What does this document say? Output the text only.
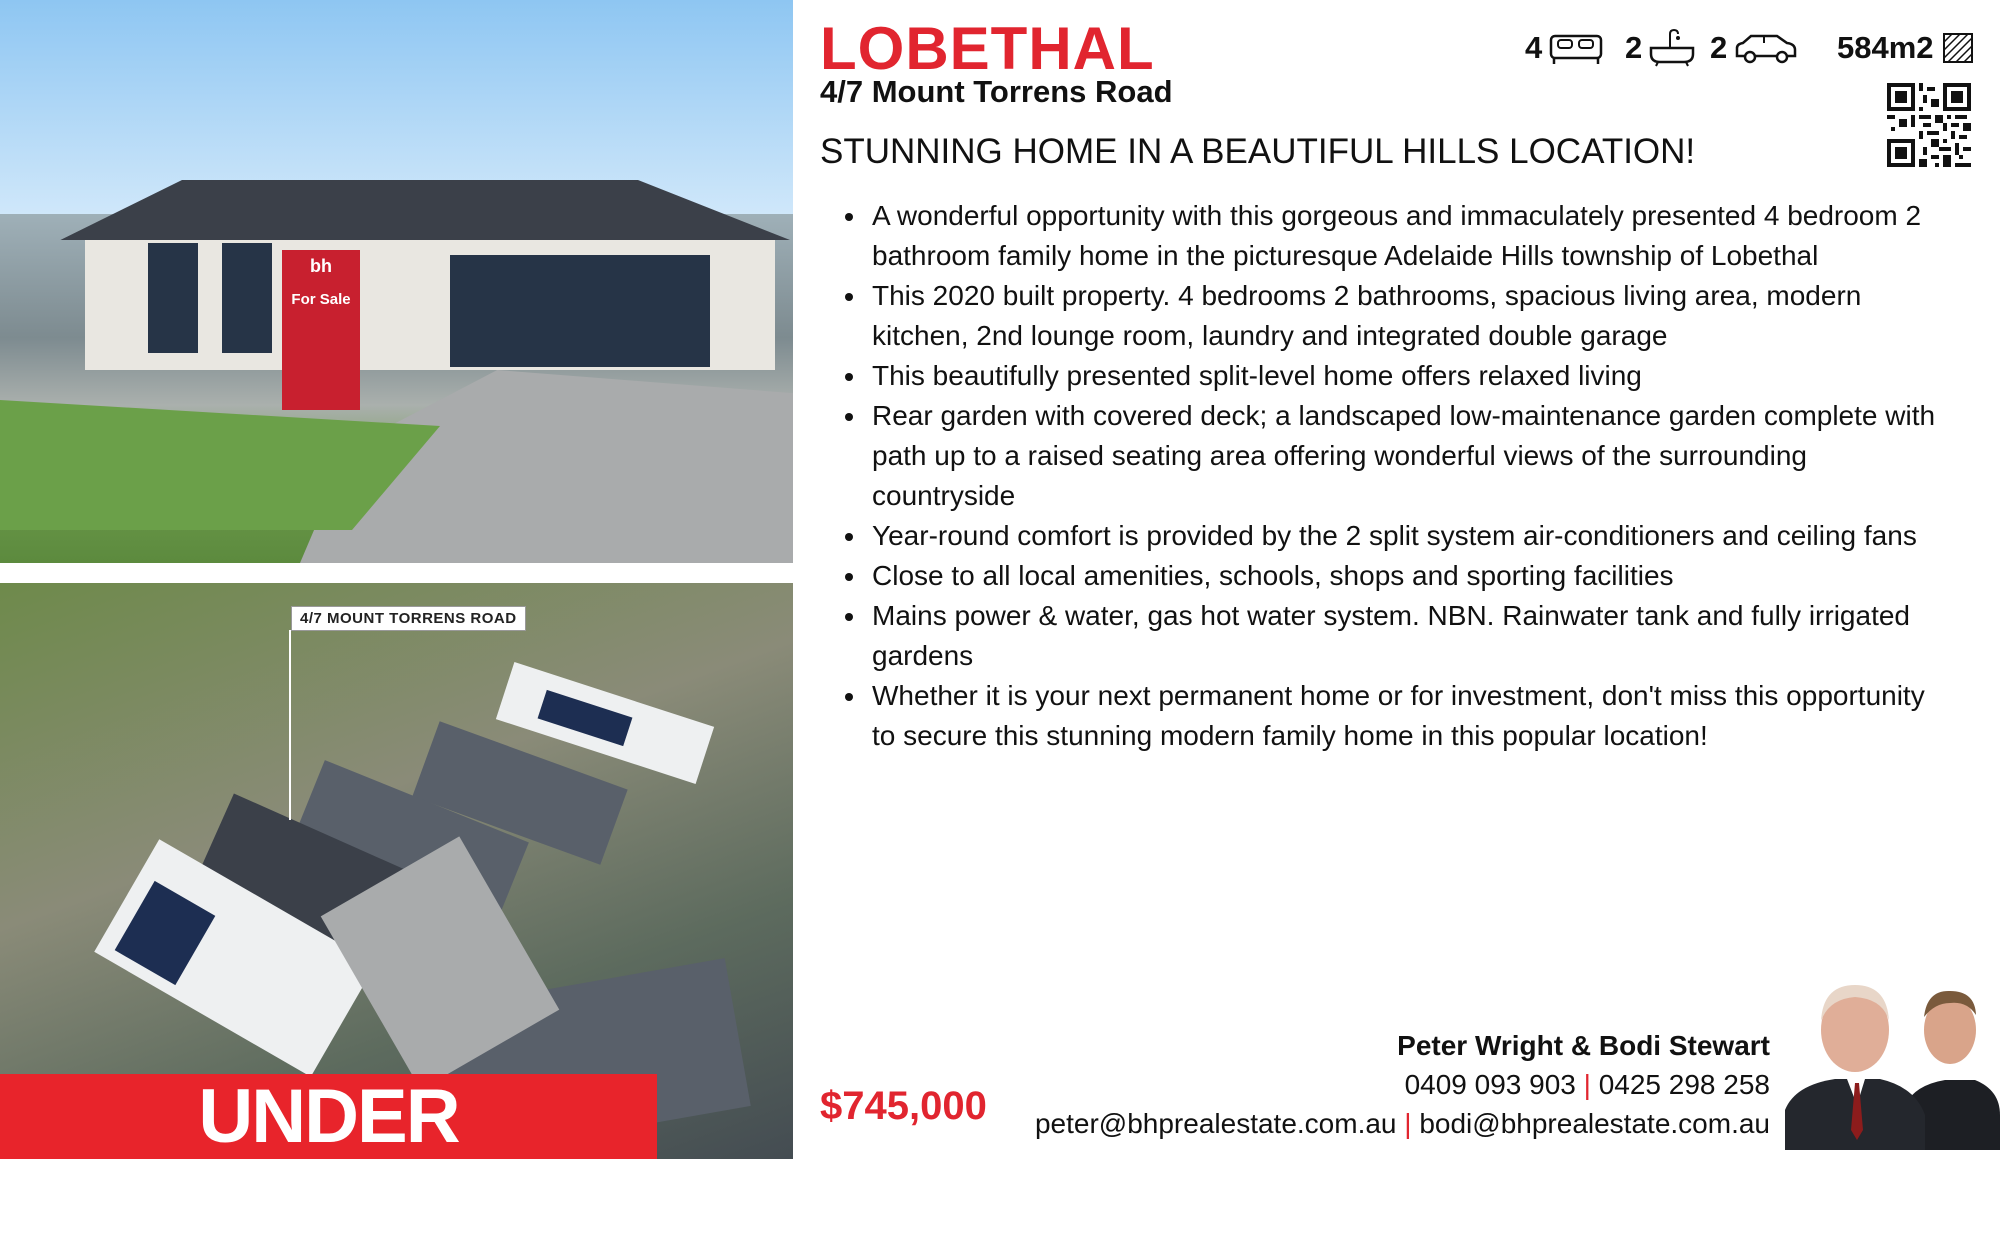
bh
For Sale
4/7 MOUNT TORRENS ROAD
UNDER CONTRACT
LOBETHAL
4/7 Mount Torrens Road
STUNNING HOME IN A BEAUTIFUL HILLS LOCATION!
4	2 2	584m2
• A wonderful opportunity with this gorgeous and immaculately presented 4 bedroom 2 bathroom family home in the picturesque Adelaide Hills township of Lobethal
• This 2020 built property. 4 bedrooms 2 bathrooms, spacious living area, modern kitchen, 2nd lounge room, laundry and integrated double garage
• This beautifully presented split-level home offers relaxed living
• Rear garden with covered deck; a landscaped low-maintenance garden complete with path up to a raised seating area offering wonderful views of the surrounding countryside
• Year-round comfort is provided by the 2 split system air-conditioners and ceiling fans
• Close to all local amenities, schools, shops and sporting facilities
• Mains power & water, gas hot water system. NBN. Rainwater tank and fully irrigated gardens
• Whether it is your next permanent home or for investment, don't miss this opportunity to secure this stunning modern family home in this popular location!
$745,000
Peter Wright & Bodi Stewart
0409 093 903 | 0425 298 258
peter@bhprealestate.com.au | bodi@bhprealestate.com.au
